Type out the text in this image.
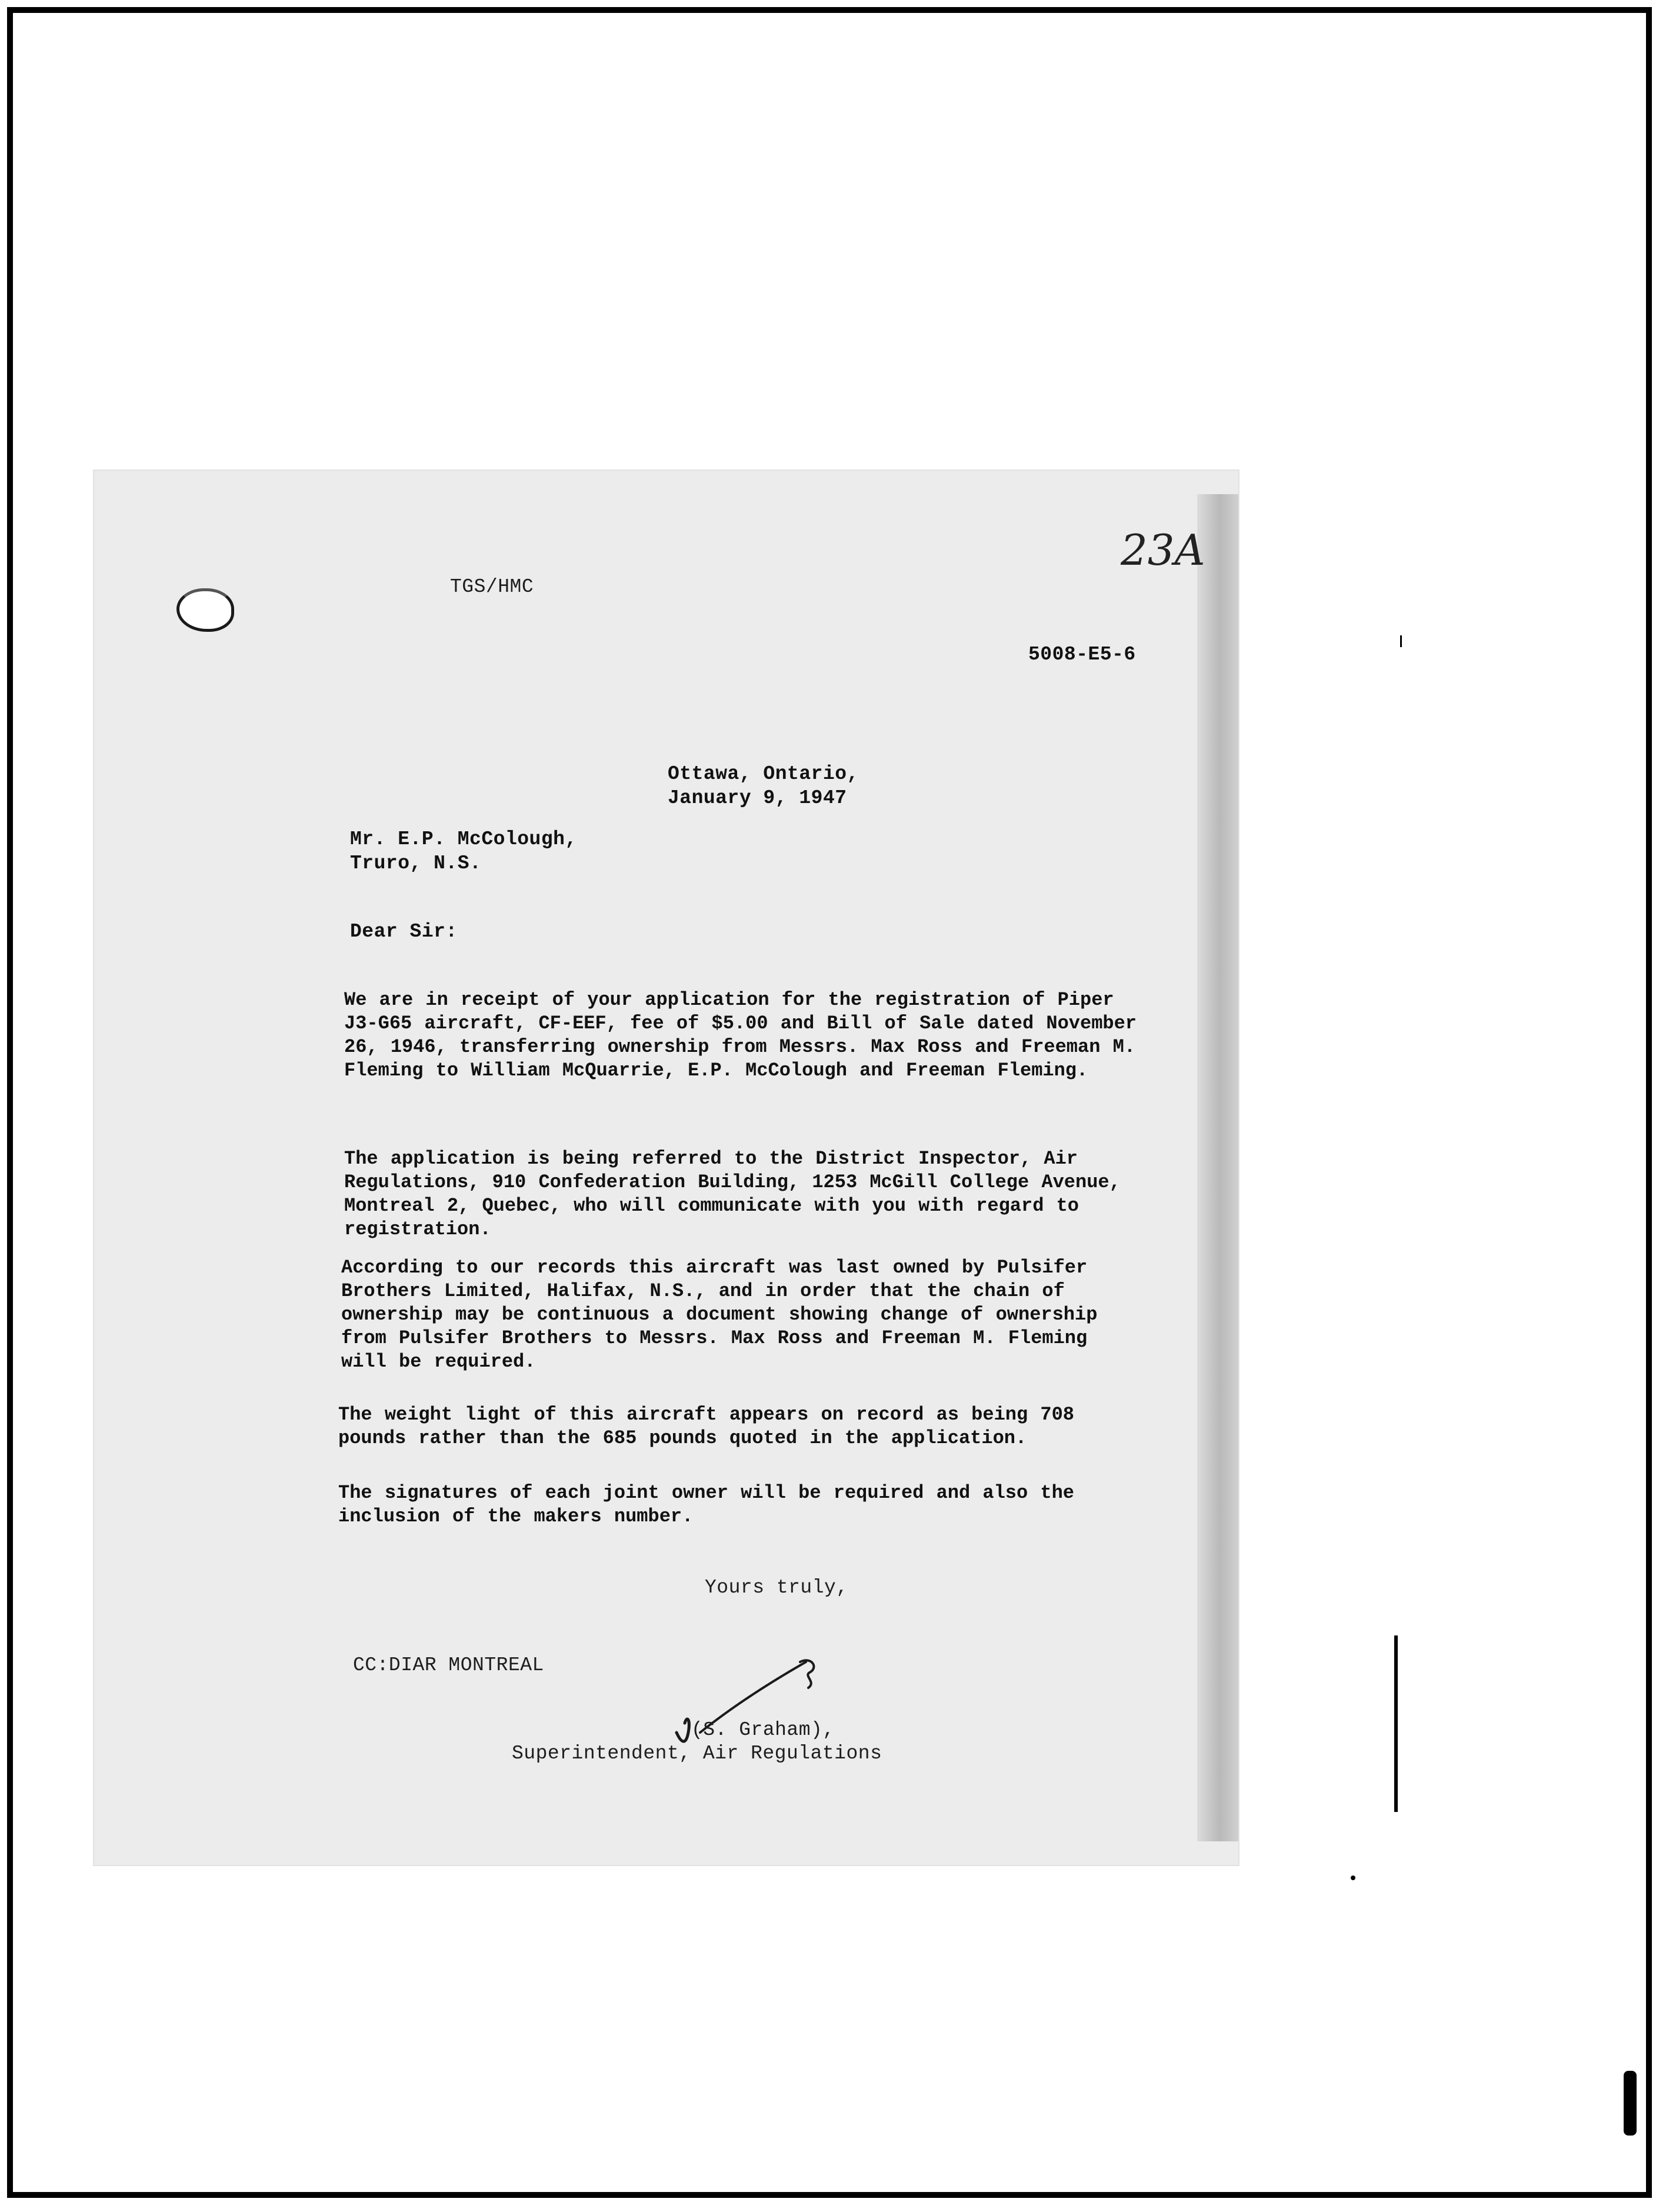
23A

TGS/HMC

5008-E5-6

Ottawa, Ontario,

January 9, 1947

Mr. E.P. McColough,

Truro, N.S.

Dear Sir:

We are in receipt of your application for the registration of Piper J3-G65 aircraft, CF-EEF, fee of $5.00 and Bill of Sale dated November 26, 1946, transferring ownership from Messrs. Max Ross and Freeman M. Fleming to William McQuarrie, E.P. McColough and Freeman Fleming.

The application is being referred to the District Inspector, Air Regulations, 910 Confederation Building, 1253 McGill College Avenue, Montreal 2, Quebec, who will communicate with you with regard to registration.

According to our records this aircraft was last owned by Pulsifer Brothers Limited, Halifax, N.S., and in order that the chain of ownership may be continuous a document showing change of ownership from Pulsifer Brothers to Messrs. Max Ross and Freeman M. Fleming will be required.

The weight light of this aircraft appears on record as being 708 pounds rather than the 685 pounds quoted in the application.

The signatures of each joint owner will be required and also the inclusion of the makers number.

Yours truly,

CC:DIAR MONTREAL

(S. Graham),

Superintendent, Air Regulations
